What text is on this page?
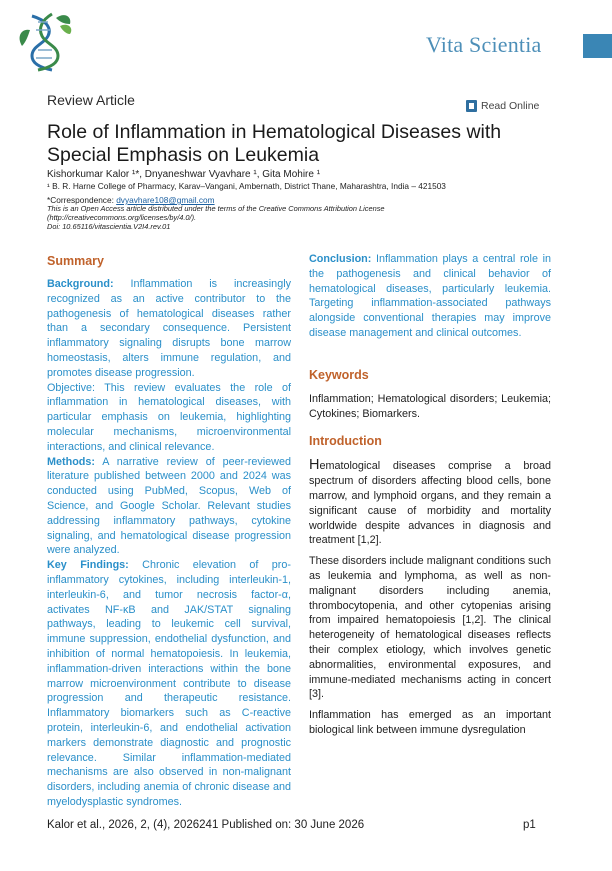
Vita Scientia
Review Article	Read Online
Role of Inflammation in Hematological Diseases with Special Emphasis on Leukemia
Kishorkumar Kalor ¹*, Dnyaneshwar Vyavhare ¹, Gita Mohire ¹
¹ B. R. Harne College of Pharmacy, Karav–Vangani, Ambernath, District Thane, Maharashtra, India – 421503
*Correspondence: dvyavhare108@gmail.com
This is an Open Access article distributed under the terms of the Creative Commons Attribution License (http://creativecommons.org/licenses/by/4.0/).
Doi: 10.65116/vitascientia.V2I4.rev.01
Summary

Background: Inflammation is increasingly recognized as an active contributor to the pathogenesis of hematological diseases rather than a secondary consequence. Persistent inflammatory signaling disrupts bone marrow homeostasis, alters immune regulation, and promotes disease progression.

Objective: This review evaluates the role of inflammation in hematological diseases, with particular emphasis on leukemia, highlighting molecular mechanisms, microenvironmental interactions, and clinical relevance.

Methods: A narrative review of peer-reviewed literature published between 2000 and 2024 was conducted using PubMed, Scopus, Web of Science, and Google Scholar. Relevant studies addressing inflammatory pathways, cytokine signaling, and hematological disease progression were analyzed.

Key Findings: Chronic elevation of pro-inflammatory cytokines, including interleukin-1, interleukin-6, and tumor necrosis factor-α, activates NF-κB and JAK/STAT signaling pathways, leading to leukemic cell survival, immune suppression, endothelial dysfunction, and inhibition of normal hematopoiesis. In leukemia, inflammation-driven interactions within the bone marrow microenvironment contribute to disease progression and therapeutic resistance. Inflammatory biomarkers such as C-reactive protein, interleukin-6, and endothelial activation markers demonstrate diagnostic and prognostic relevance. Similar inflammation-mediated mechanisms are also observed in non-malignant disorders, including anemia of chronic disease and myelodysplastic syndromes.

Conclusion: Inflammation plays a central role in the pathogenesis and clinical behavior of hematological diseases, particularly leukemia. Targeting inflammation-associated pathways alongside conventional therapies may improve disease management and clinical outcomes.

Keywords
Inflammation; Hematological disorders; Leukemia; Cytokines; Biomarkers.
Introduction

Hematological diseases comprise a broad spectrum of disorders affecting blood cells, bone marrow, and lymphoid organs, and they remain a significant cause of morbidity and mortality worldwide despite advances in diagnosis and treatment [1,2].

These disorders include malignant conditions such as leukemia and lymphoma, as well as non-malignant disorders including anemia, thrombocytopenia, and other cytopenias arising from impaired hematopoiesis [1,2]. The clinical heterogeneity of hematological diseases reflects their complex etiology, which involves genetic abnormalities, environmental exposures, and immune-mediated mechanisms acting in concert [3].

Inflammation has emerged as an important biological link between immune dysregulation

Kalor et al., 2026, 2, (4), 2026241 Published on: 30 June 2026	p1
